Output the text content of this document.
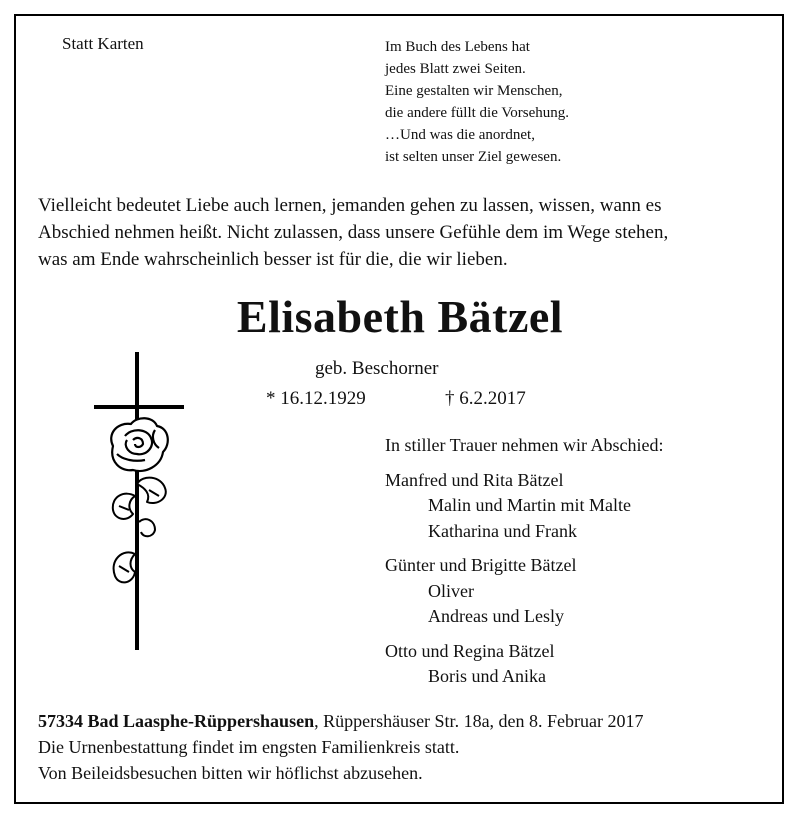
Statt Karten	Im Buch des Lebens hat
jedes Blatt zwei Seiten.
Eine gestalten wir Menschen,
die andere füllt die Vorsehung.
…Und was die anordnet,
ist selten unser Ziel gewesen.
Vielleicht bedeutet Liebe auch lernen, jemanden gehen zu lassen, wissen, wann es
Abschied nehmen heißt. Nicht zulassen, dass unsere Gefühle dem im Wege stehen,
was am Ende wahrscheinlich besser ist für die, die wir lieben.
Elisabeth Bätzel
geb. Beschorner
* 16.12.1929	† 6.2.2017
In stiller Trauer nehmen wir Abschied:
Manfred und Rita Bätzel
Malin und Martin mit Malte
Katharina und Frank
Günter und Brigitte Bätzel
Oliver
Andreas und Lesly
Otto und Regina Bätzel
Boris und Anika
57334 Bad Laasphe-Rüppershausen, Rüppershäuser Str. 18a, den 8. Februar 2017
Die Urnenbestattung findet im engsten Familienkreis statt.
Von Beileidsbesuchen bitten wir höflichst abzusehen.
